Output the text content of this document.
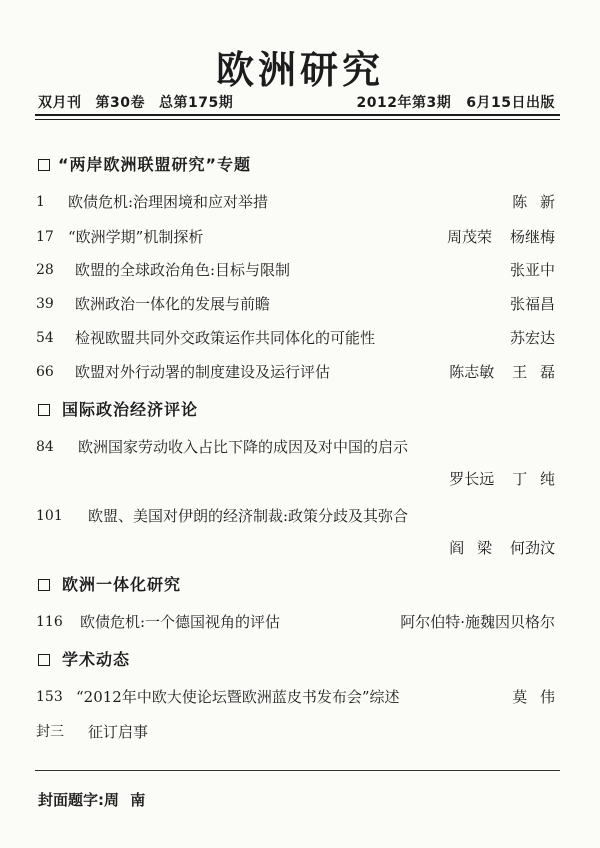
欧洲研究
双月刊 第30卷 总第175期	2012年第3期 6月15日出版
“两岸欧洲联盟研究”专题
1 欧债危机:治理困境和应对举措	陈 新
17 “欧洲学期”机制探析	周茂荣 杨继梅
28 欧盟的全球政治角色:目标与限制	张亚中
39 欧洲政治一体化的发展与前瞻	张福昌
54 检视欧盟共同外交政策运作共同体化的可能性	苏宏达
66 欧盟对外行动署的制度建设及运行评估	陈志敏 王 磊
国际政治经济评论
84 欧洲国家劳动收入占比下降的成因及对中国的启示
罗长远 丁 纯
101 欧盟、美国对伊朗的经济制裁:政策分歧及其弥合
阎 梁 何劲汶
欧洲一体化研究
116 欧债危机:一个德国视角的评估	阿尔伯特·施魏因贝格尔
学术动态
153 “2012年中欧大使论坛暨欧洲蓝皮书发布会”综述	莫 伟
封三 征订启事
封面题字:周 南
